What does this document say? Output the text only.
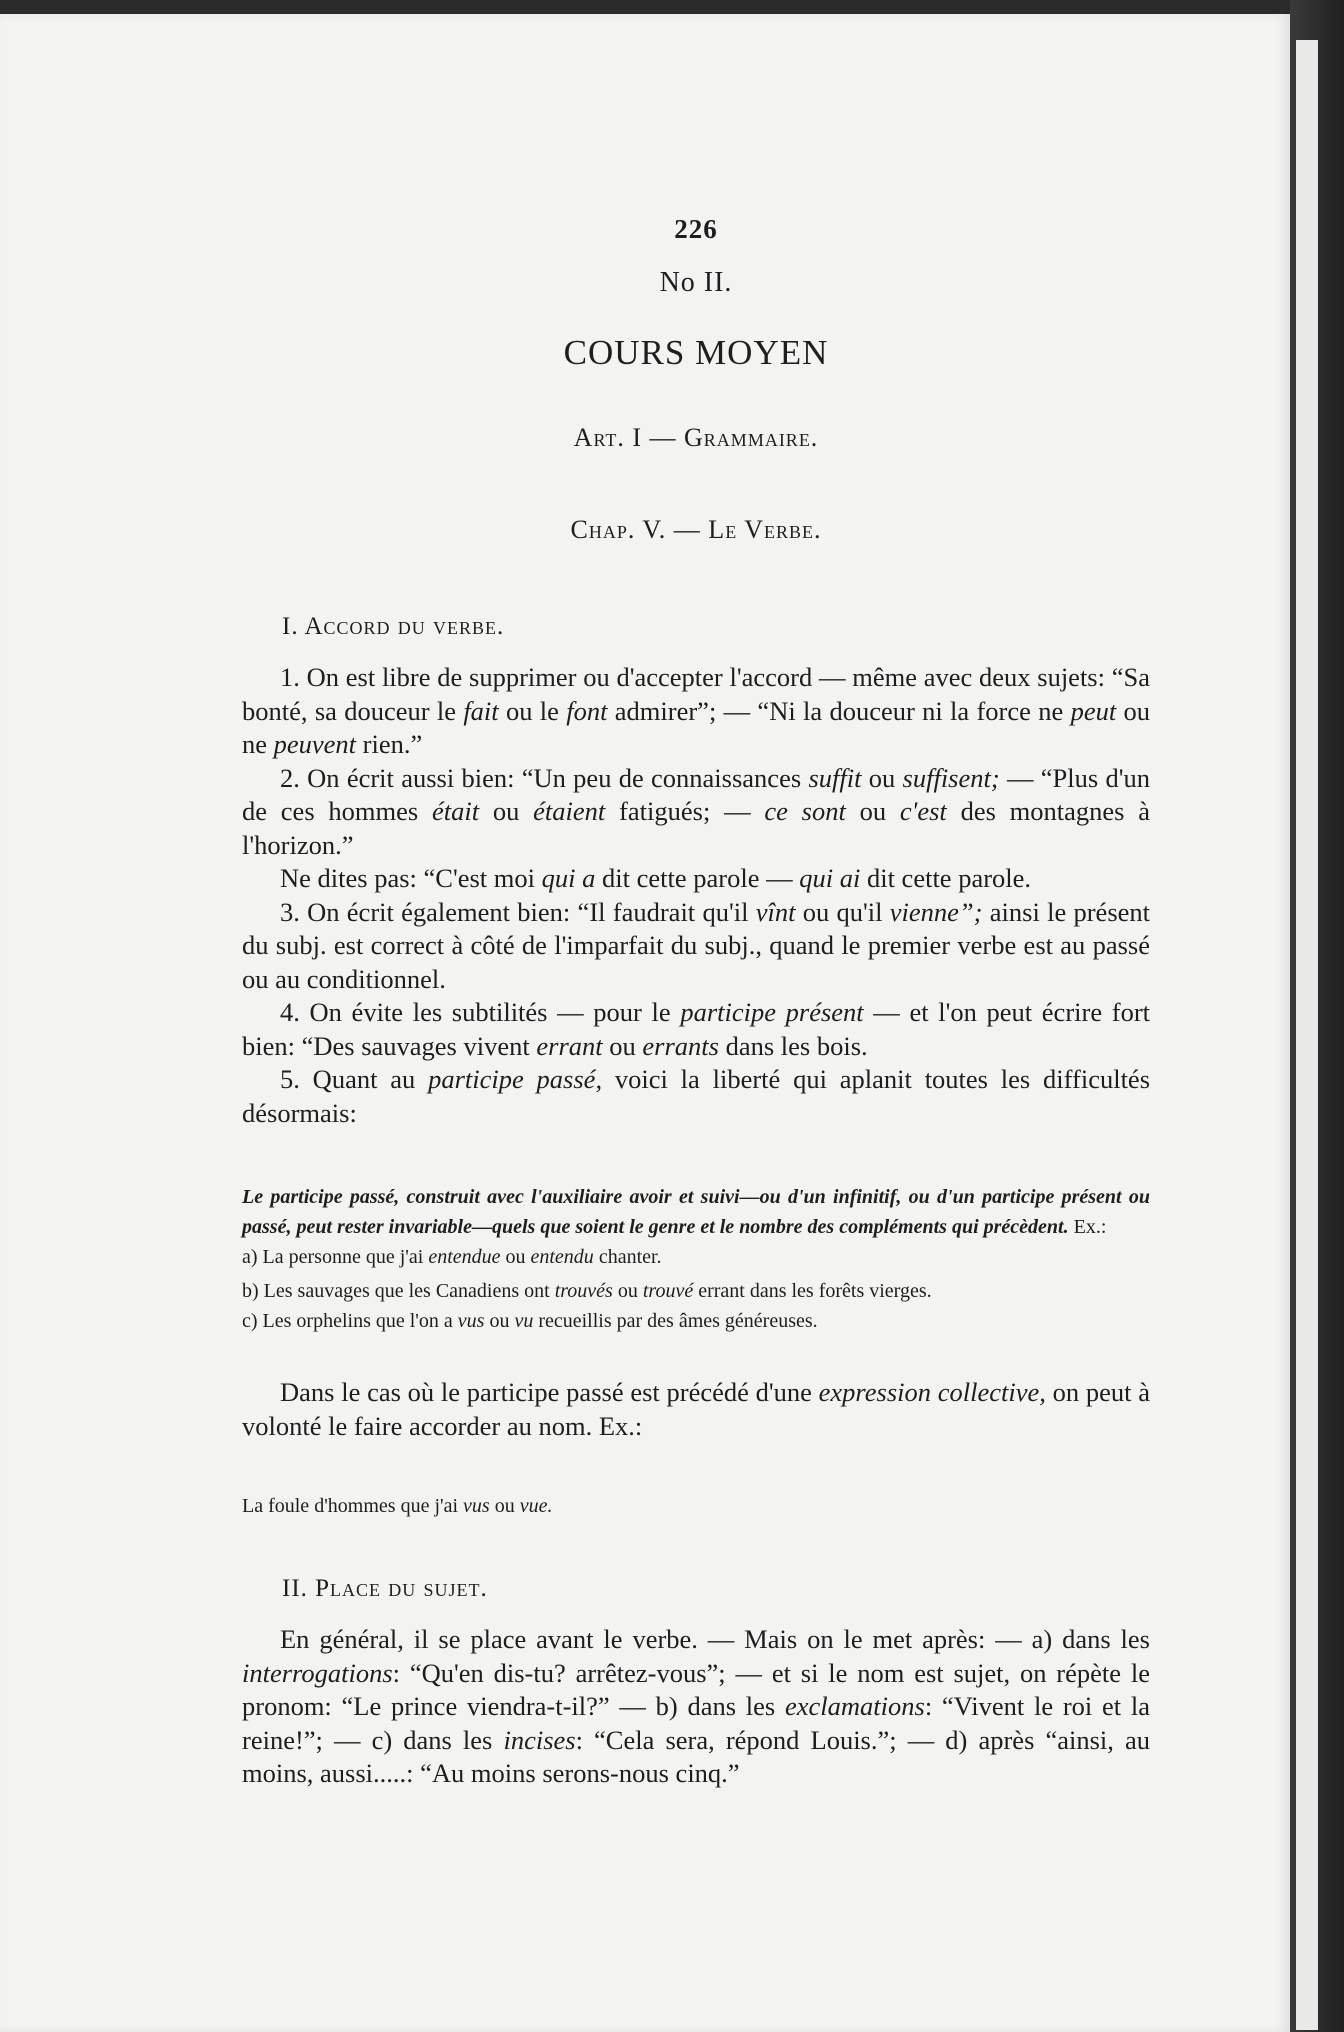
226
No II.
COURS MOYEN
Art. I — Grammaire.
Chap. V. — Le Verbe.
I. Accord du verbe.

1. On est libre de supprimer ou d'accepter l'accord — même avec deux sujets: “Sa bonté, sa douceur le fait ou le font admirer”; — “Ni la douceur ni la force ne peut ou ne peuvent rien.”

2. On écrit aussi bien: “Un peu de connaissances suffit ou suffisent; — “Plus d'un de ces hommes était ou étaient fatigués; — ce sont ou c'est des montagnes à l'horizon.”

Ne dites pas: “C'est moi qui a dit cette parole — qui ai dit cette parole.

3. On écrit également bien: “Il faudrait qu'il vînt ou qu'il vienne”; ainsi le présent du subj. est correct à côté de l'imparfait du subj., quand le premier verbe est au passé ou au conditionnel.

4. On évite les subtilités — pour le participe présent — et l'on peut écrire fort bien: “Des sauvages vivent errant ou errants dans les bois.

5. Quant au participe passé, voici la liberté qui aplanit toutes les difficultés désormais:

Le participe passé, construit avec l'auxiliaire avoir et suivi—ou d'un infinitif, ou d'un participe présent ou passé, peut rester invariable—quels que soient le genre et le nombre des compléments qui précèdent. Ex.:

a) La personne que j'ai entendue ou entendu chanter.

b) Les sauvages que les Canadiens ont trouvés ou trouvé errant dans les forêts vierges.

c) Les orphelins que l'on a vus ou vu recueillis par des âmes généreuses.

Dans le cas où le participe passé est précédé d'une expression collective, on peut à volonté le faire accorder au nom. Ex.:

La foule d'hommes que j'ai vus ou vue.
II. Place du sujet.

En général, il se place avant le verbe. — Mais on le met après: — a) dans les interrogations: “Qu'en dis-tu? arrêtez-vous”; — et si le nom est sujet, on répète le pronom: “Le prince viendra-t-il?” — b) dans les exclamations: “Vivent le roi et la reine!”; — c) dans les incises: “Cela sera, répond Louis.”; — d) après “ainsi, au moins, aussi.....: “Au moins serons-nous cinq.”
